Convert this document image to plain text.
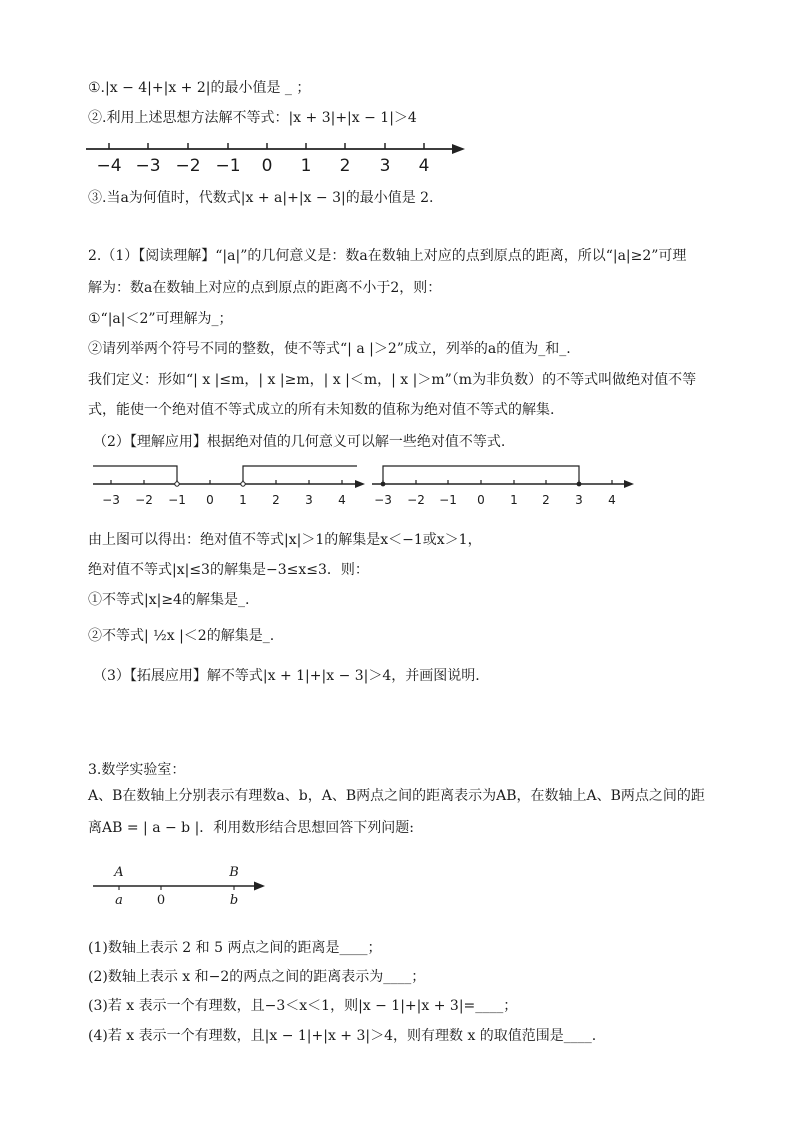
①.|x − 4|+|x + 2|的最小值是 _ ；
②.利用上述思想方法解不等式：|x + 3|+|x − 1|＞4
−4 −3 −2 −1 0 1 2 3 4
③.当a为何值时，代数式|x + a|+|x − 3|的最小值是 2.
2.（1）【阅读理解】“|a|”的几何意义是：数a在数轴上对应的点到原点的距离，所以“|a|≥2”可理
解为：数a在数轴上对应的点到原点的距离不小于2，则：
①“|a|＜2”可理解为_；
②请列举两个符号不同的整数，使不等式“| a |＞2”成立，列举的a的值为_和_.
我们定义：形如“| x |≤m，| x |≥m，| x |＜m，| x |＞m”（m为非负数）的不等式叫做绝对值不等
式，能使一个绝对值不等式成立的所有未知数的值称为绝对值不等式的解集.
（2）【理解应用】根据绝对值的几何意义可以解一些绝对值不等式.
−3 −2 −1 0 1 2 3 4 −3 −2 −1 0 1 2 3 4
由上图可以得出：绝对值不等式|x|＞1的解集是x＜−1或x＞1，
绝对值不等式|x|≤3的解集是−3≤x≤3．则：
①不等式|x|≥4的解集是_.
②不等式| ½x |＜2的解集是_.
（3）【拓展应用】解不等式|x + 1|+|x − 3|＞4，并画图说明.
3.数学实验室：
A、B在数轴上分别表示有理数a、b，A、B两点之间的距离表示为AB，在数轴上A、B两点之间的距
离AB = | a − b |．利用数形结合思想回答下列问题:
A	B
a	0	b
(1)数轴上表示 2 和 5 两点之间的距离是____；
(2)数轴上表示 x 和−2的两点之间的距离表示为____；
(3)若 x 表示一个有理数，且−3＜x＜1，则|x − 1|+|x + 3|=____；
(4)若 x 表示一个有理数，且|x − 1|+|x + 3|＞4，则有理数 x 的取值范围是____.
